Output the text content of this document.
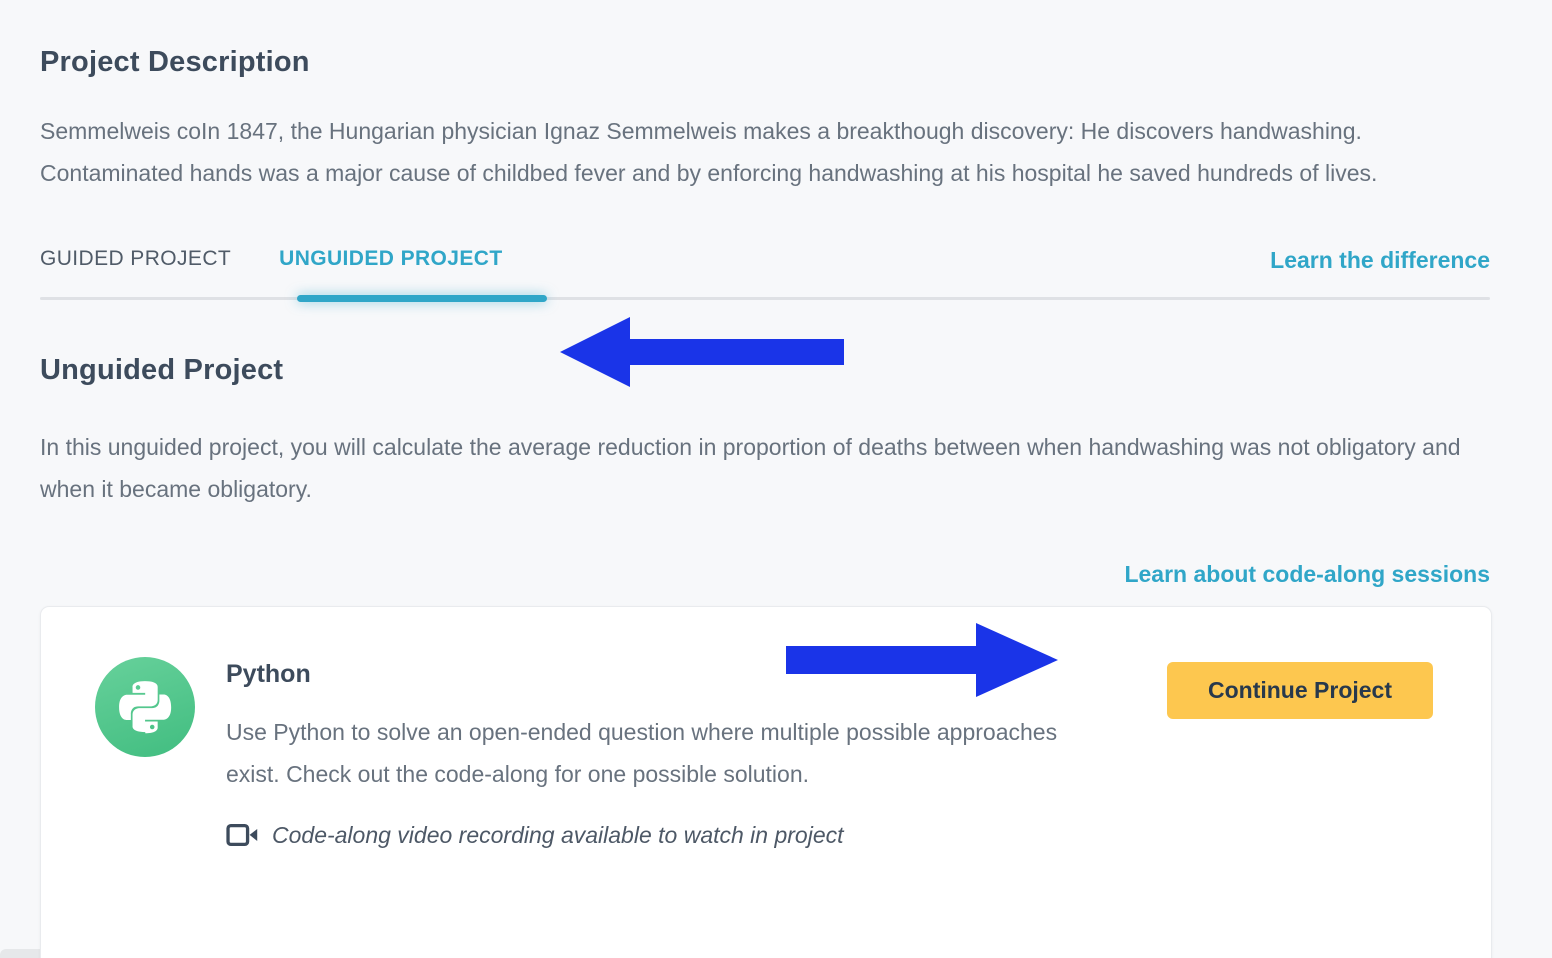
Project Description

Semmelweis coIn 1847, the Hungarian physician Ignaz Semmelweis makes a breakthough discovery: He discovers handwashing. Contaminated hands was a major cause of childbed fever and by enforcing handwashing at his hospital he saved hundreds of lives.

GUIDED PROJECT UNGUIDED PROJECT	Learn the difference
Unguided Project

In this unguided project, you will calculate the average reduction in proportion of deaths between when handwashing was not obligatory and when it became obligatory.

Learn about code-along sessions
Python

Use Python to solve an open-ended question where multiple possible approaches exist. Check out the code-along for one possible solution.

Code-along video recording available to watch in project
Continue Project
